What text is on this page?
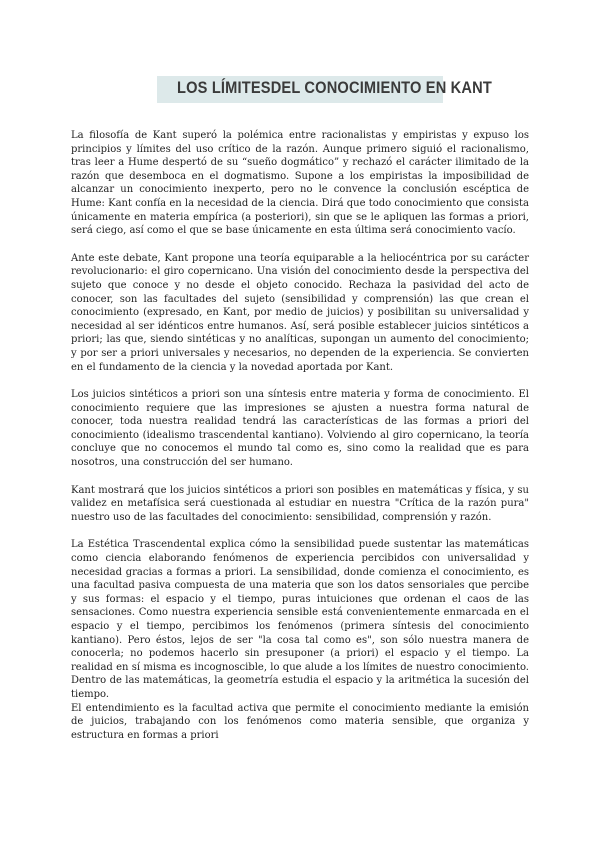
LOS LÍMITESDEL CONOCIMIENTO EN KANT

La filosofía de Kant superó la polémica entre racionalistas y empiristas y expuso los principios y límites del uso crítico de la razón. Aunque primero siguió el racionalismo, tras leer a Hume despertó de su “sueño dogmático” y rechazó el carácter ilimitado de la razón que desemboca en el dogmatismo. Supone a los empiristas la imposibilidad de alcanzar un conocimiento inexperto, pero no le convence la conclusión escéptica de Hume: Kant confía en la necesidad de la ciencia. Dirá que todo conocimiento que consista únicamente en materia empírica (a posteriori), sin que se le apliquen las formas a priori, será ciego, así como el que se base únicamente en esta última será conocimiento vacío.

Ante este debate, Kant propone una teoría equiparable a la heliocéntrica por su carácter revolucionario: el giro copernicano. Una visión del conocimiento desde la perspectiva del sujeto que conoce y no desde el objeto conocido. Rechaza la pasividad del acto de conocer, son las facultades del sujeto (sensibilidad y comprensión) las que crean el conocimiento (expresado, en Kant, por medio de juicios) y posibilitan su universalidad y necesidad al ser idénticos entre humanos. Así, será posible establecer juicios sintéticos a priori; las que, siendo sintéticas y no analíticas, supongan un aumento del conocimiento; y por ser a priori universales y necesarios, no dependen de la experiencia. Se convierten en el fundamento de la ciencia y la novedad aportada por Kant.

Los juicios sintéticos a priori son una síntesis entre materia y forma de conocimiento. El conocimiento requiere que las impresiones se ajusten a nuestra forma natural de conocer, toda nuestra realidad tendrá las características de las formas a priori del conocimiento (idealismo trascendental kantiano). Volviendo al giro copernicano, la teoría concluye que no conocemos el mundo tal como es, sino como la realidad que es para nosotros, una construcción del ser humano.

Kant mostrará que los juicios sintéticos a priori son posibles en matemáticas y física, y su validez en metafísica será cuestionada al estudiar en nuestra "Crítica de la razón pura" nuestro uso de las facultades del conocimiento: sensibilidad, comprensión y razón.

La Estética Trascendental explica cómo la sensibilidad puede sustentar las matemáticas como ciencia elaborando fenómenos de experiencia percibidos con universalidad y necesidad gracias a formas a priori. La sensibilidad, donde comienza el conocimiento, es una facultad pasiva compuesta de una materia que son los datos sensoriales que percibe y sus formas: el espacio y el tiempo, puras intuiciones que ordenan el caos de las sensaciones. Como nuestra experiencia sensible está convenientemente enmarcada en el espacio y el tiempo, percibimos los fenómenos (primera síntesis del conocimiento kantiano). Pero éstos, lejos de ser "la cosa tal como es", son sólo nuestra manera de conocerla; no podemos hacerlo sin presuponer (a priori) el espacio y el tiempo. La realidad en sí misma es incognoscible, lo que alude a los límites de nuestro conocimiento. Dentro de las matemáticas, la geometría estudia el espacio y la aritmética la sucesión del tiempo.

El entendimiento es la facultad activa que permite el conocimiento mediante la emisión de juicios, trabajando con los fenómenos como materia sensible, que organiza y estructura en formas a priori
